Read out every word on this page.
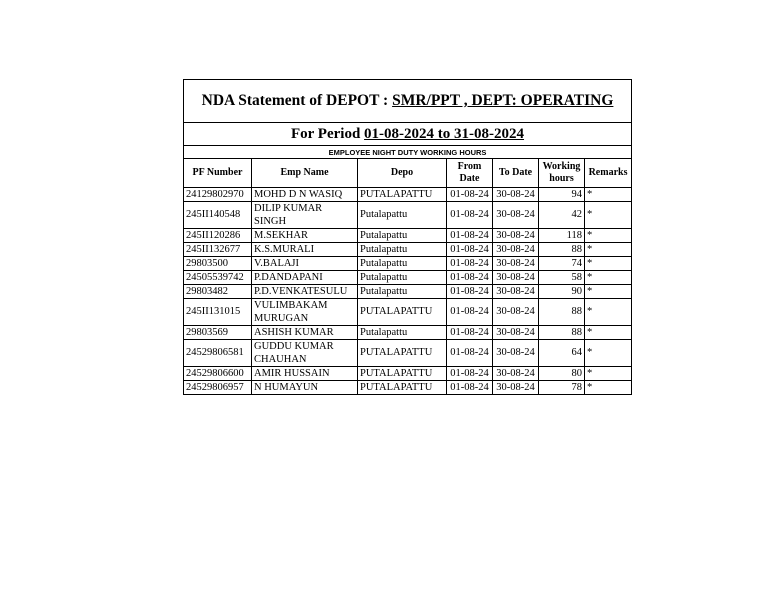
NDA Statement of DEPOT : SMR/PPT , DEPT: OPERATING						
For Period 01-08-2024 to 31-08-2024						
EMPLOYEE NIGHT DUTY WORKING HOURS						
PF Number	Emp Name	Depo	From Date	To Date	Working hours	Remarks
24129802970	MOHD D N WASIQ	PUTALAPATTU	01-08-24	30-08-24	94	*
245II140548	DILIP KUMAR SINGH	Putalapattu	01-08-24	30-08-24	42	*
245II120286	M.SEKHAR	Putalapattu	01-08-24	30-08-24	118	*
245II132677	K.S.MURALI	Putalapattu	01-08-24	30-08-24	88	*
29803500	V.BALAJI	Putalapattu	01-08-24	30-08-24	74	*
24505539742	P.DANDAPANI	Putalapattu	01-08-24	30-08-24	58	*
29803482	P.D.VENKATESULU	Putalapattu	01-08-24	30-08-24	90	*
245II131015	VULIMBAKAM MURUGAN	PUTALAPATTU	01-08-24	30-08-24	88	*
29803569	ASHISH KUMAR	Putalapattu	01-08-24	30-08-24	88	*
24529806581	GUDDU KUMAR CHAUHAN	PUTALAPATTU	01-08-24	30-08-24	64	*
24529806600	AMIR HUSSAIN	PUTALAPATTU	01-08-24	30-08-24	80	*
24529806957	N HUMAYUN	PUTALAPATTU	01-08-24	30-08-24	78	*
